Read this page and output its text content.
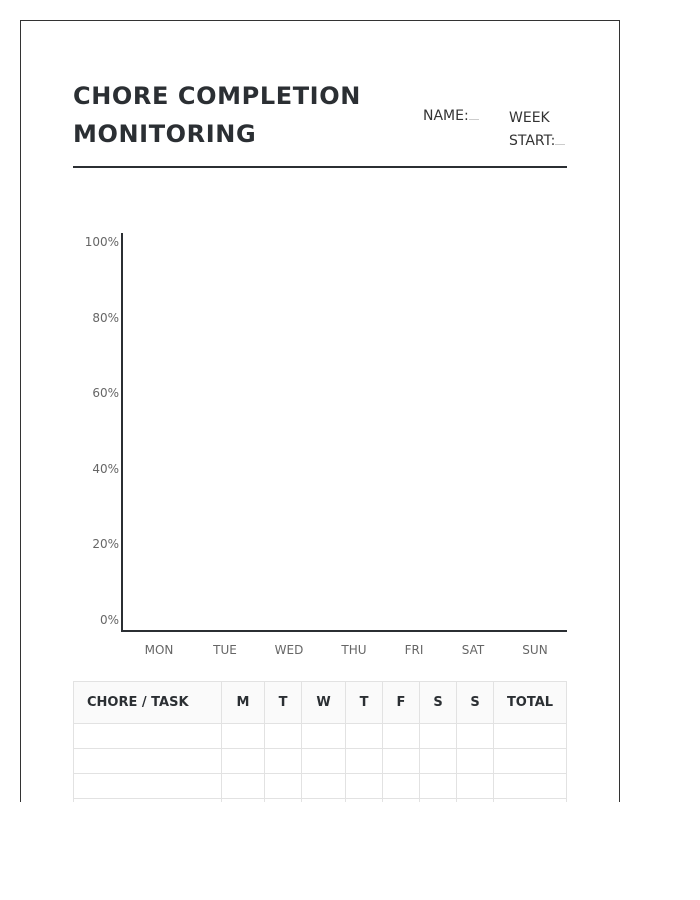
CHORE COMPLETION
MONITORING
NAME:	WEEK
START:
100%
80%
60%
40%
20%
0%
MON	TUE	WED	THU	FRI	SAT	SUN
CHORE / TASK	M	T	W	T	F	S	S	TOTAL
